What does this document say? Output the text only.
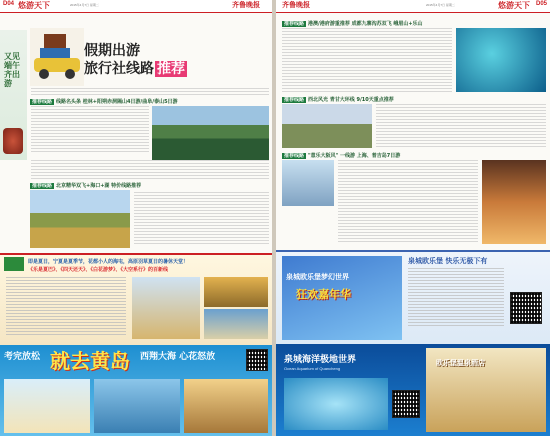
D04 悠游天下	2015年4月7日 星期二	齐鲁晚报
假期出游
旅行社线路 推荐
又见端午 齐出游
推荐线路 线路名头条 桂林+阳朔赤洞隔山4日游/曲阜/泰山5日游
推荐线路 北京精华双飞+海口+湖 特价线路推荐
即是夏日，宁夏是夏季节，花都小人的海屯，高原羽草夏日的暑休天堂！
《乐是夏巴》、《四天还天》、《白花游梦》、《大空系行》的百新线
考完放松 就去黄岛 西翔大海 心花怒放
齐鲁晚报	2015年4月7日 星期二	悠游天下 D05
推荐线路 港澳/港府游重推荐 成都九寨沟苏双飞 峨眉山+乐山
推荐线路 西北风光 青甘大环线 9/10天重点推荐
推荐线路 "意乐大阪风" 一线游 上海、普吉岛7日游
泉城欧乐堡梦幻世界
狂欢嘉年华
泉城欧乐堡 快乐无极下有
泉城海洋极地世界
Ocean Aquarium of Quancheng
欧乐堡温泉酒店
